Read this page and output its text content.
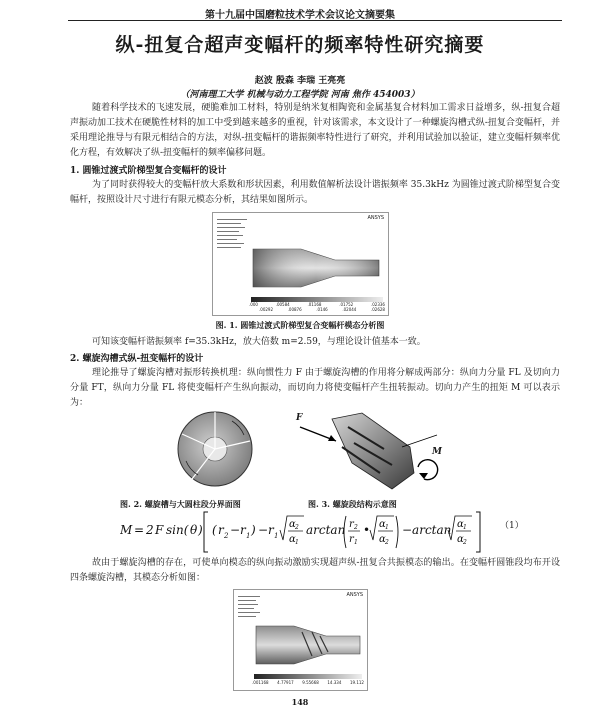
第十九届中国磨粒技术学术会议论文摘要集
纵-扭复合超声变幅杆的频率特性研究摘要
赵波 殷森 李瑞 王亮亮
（河南理工大学 机械与动力工程学院 河南 焦作 454003）
随着科学技术的飞速发展，硬脆难加工材料，特别是纳米复相陶瓷和金属基复合材料加工需求日益增多，纵-扭复合超声振动加工技术在硬脆性材料的加工中受到越来越多的重视，针对该需求，本文设计了一种螺旋沟槽式纵-扭复合变幅杆，并采用理论推导与有限元相结合的方法，对纵-扭变幅杆的谐振频率特性进行了研究，并利用试验加以验证，建立变幅杆频率优化方程，有效解决了纵-扭变幅杆的频率偏移问题。
1. 圆锥过渡式阶梯型复合变幅杆的设计
为了同时获得较大的变幅杆放大系数和形状因素，利用数值解析法设计谐振频率 35.3kHz 为圆锥过渡式阶梯型复合变幅杆，按照设计尺寸进行有限元模态分析，其结果如图所示。
ANSYS
.000	.00584	.01168	.01752	.02336
.00292	.00876	.0146	.02044	.02628
图. 1. 圆锥过渡式阶梯型复合变幅杆模态分析图
可知该变幅杆谐振频率 f=35.3kHz，放大倍数 m=2.59，与理论设计值基本一致。
2. 螺旋沟槽式纵-扭变幅杆的设计
理论推导了螺旋沟槽对振形转换机理：纵向惯性力 F 由于螺旋沟槽的作用将分解成两部分：纵向力分量 FL 及切向力分量 FT，纵向力分量 FL 将使变幅杆产生纵向振动，而切向力将使变幅杆产生扭转振动。切向力产生的扭矩 M 可以表示为：
F
M
图. 2. 螺旋槽与大圆柱段分界面图	图. 3. 螺旋段结构示意图
M = 2 F sin( θ ) ( r 2 − r 1 ) − r 1
α 2
α 1
arctan r 2
r 1
• α 1
α 2
−arctan α 1
α 2
（1）
故由于螺旋沟槽的存在，可使单向模态的纵向振动激励实现超声纵-扭复合共振模态的输出。在变幅杆圆锥段均布开设四条螺旋沟槽，其模态分析如图：
ANSYS
.001168 4.77917 9.55668 14.334 19.112
148
